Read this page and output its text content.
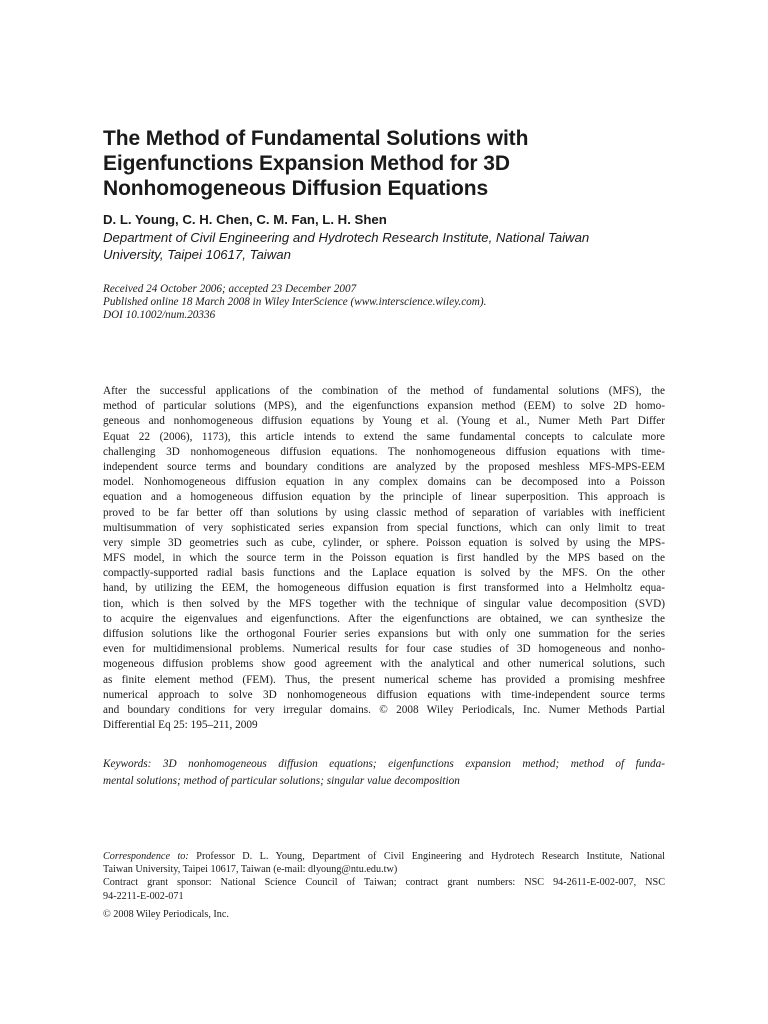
The Method of Fundamental Solutions with
Eigenfunctions Expansion Method for 3D
Nonhomogeneous Diffusion Equations
D. L. Young, C. H. Chen, C. M. Fan, L. H. Shen
Department of Civil Engineering and Hydrotech Research Institute, National Taiwan
University, Taipei 10617, Taiwan
Received 24 October 2006; accepted 23 December 2007
Published online 18 March 2008 in Wiley InterScience (www.interscience.wiley.com).
DOI 10.1002/num.20336
After the successful applications of the combination of the method of fundamental solutions (MFS), the
method of particular solutions (MPS), and the eigenfunctions expansion method (EEM) to solve 2D homo-
geneous and nonhomogeneous diffusion equations by Young et al. (Young et al., Numer Meth Part Differ
Equat 22 (2006), 1173), this article intends to extend the same fundamental concepts to calculate more
challenging 3D nonhomogeneous diffusion equations. The nonhomogeneous diffusion equations with time-
independent source terms and boundary conditions are analyzed by the proposed meshless MFS-MPS-EEM
model. Nonhomogeneous diffusion equation in any complex domains can be decomposed into a Poisson
equation and a homogeneous diffusion equation by the principle of linear superposition. This approach is
proved to be far better off than solutions by using classic method of separation of variables with inefficient
multisummation of very sophisticated series expansion from special functions, which can only limit to treat
very simple 3D geometries such as cube, cylinder, or sphere. Poisson equation is solved by using the MPS-
MFS model, in which the source term in the Poisson equation is first handled by the MPS based on the
compactly-supported radial basis functions and the Laplace equation is solved by the MFS. On the other
hand, by utilizing the EEM, the homogeneous diffusion equation is first transformed into a Helmholtz equa-
tion, which is then solved by the MFS together with the technique of singular value decomposition (SVD)
to acquire the eigenvalues and eigenfunctions. After the eigenfunctions are obtained, we can synthesize the
diffusion solutions like the orthogonal Fourier series expansions but with only one summation for the series
even for multidimensional problems. Numerical results for four case studies of 3D homogeneous and nonho-
mogeneous diffusion problems show good agreement with the analytical and other numerical solutions, such
as finite element method (FEM). Thus, the present numerical scheme has provided a promising meshfree
numerical approach to solve 3D nonhomogeneous diffusion equations with time-independent source terms
and boundary conditions for very irregular domains. © 2008 Wiley Periodicals, Inc. Numer Methods Partial
Differential Eq 25: 195–211, 2009
Keywords: 3D nonhomogeneous diffusion equations; eigenfunctions expansion method; method of funda-
mental solutions; method of particular solutions; singular value decomposition
Correspondence to: Professor D. L. Young, Department of Civil Engineering and Hydrotech Research Institute, National
Taiwan University, Taipei 10617, Taiwan (e-mail: dlyoung@ntu.edu.tw)
Contract grant sponsor: National Science Council of Taiwan; contract grant numbers: NSC 94-2611-E-002-007, NSC
94-2211-E-002-071
© 2008 Wiley Periodicals, Inc.
